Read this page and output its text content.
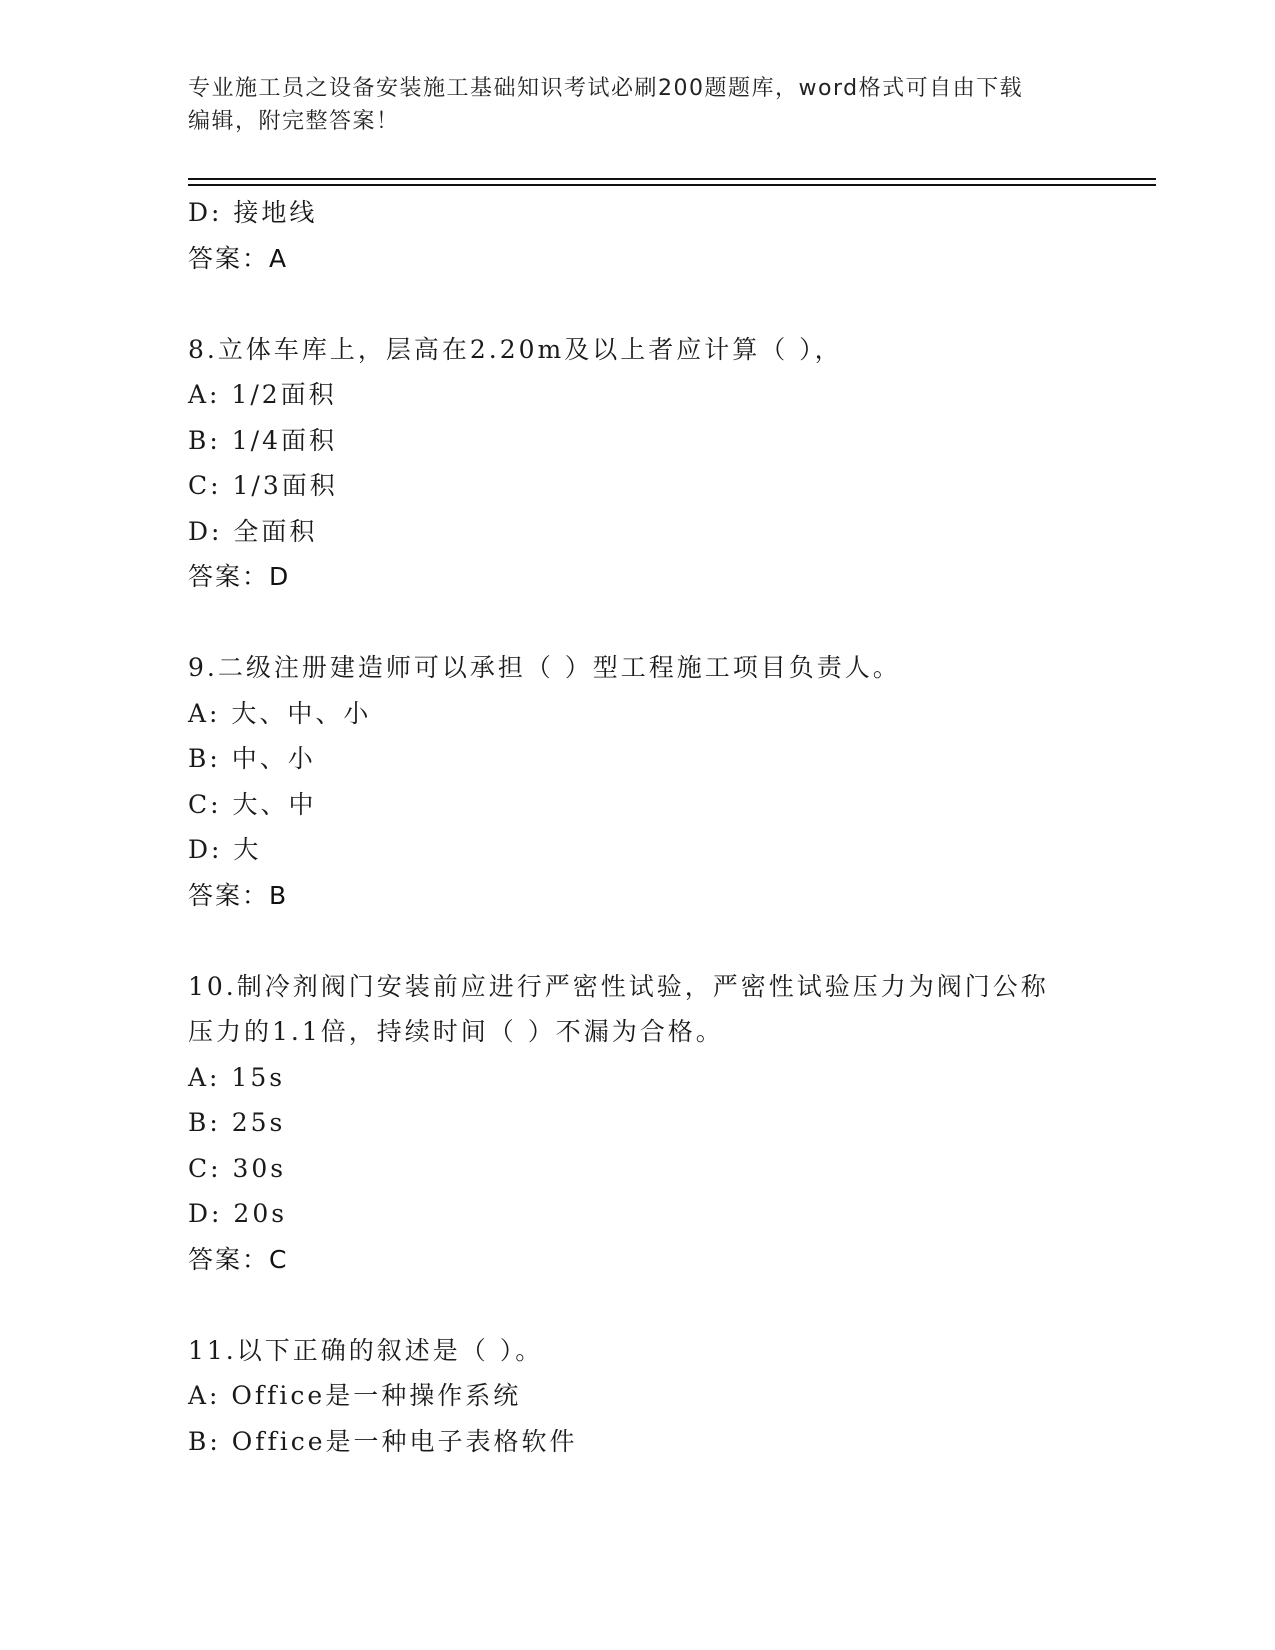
专业施工员之设备安装施工基础知识考试必刷200题题库，word格式可自由下载
编辑，附完整答案！
D: 接地线
答案：A
8.立体车库上，层高在2.20m及以上者应计算（ ），
A: 1/2面积
B: 1/4面积
C: 1/3面积
D: 全面积
答案：D
9.二级注册建造师可以承担（ ）型工程施工项目负责人。
A: 大、中、小
B: 中、小
C: 大、中
D: 大
答案：B
10.制冷剂阀门安装前应进行严密性试验，严密性试验压力为阀门公称
压力的1.1倍，持续时间（ ）不漏为合格。
A: 15s
B: 25s
C: 30s
D: 20s
答案：C
11.以下正确的叙述是（ ）。
A: Office是一种操作系统
B: Office是一种电子表格软件
